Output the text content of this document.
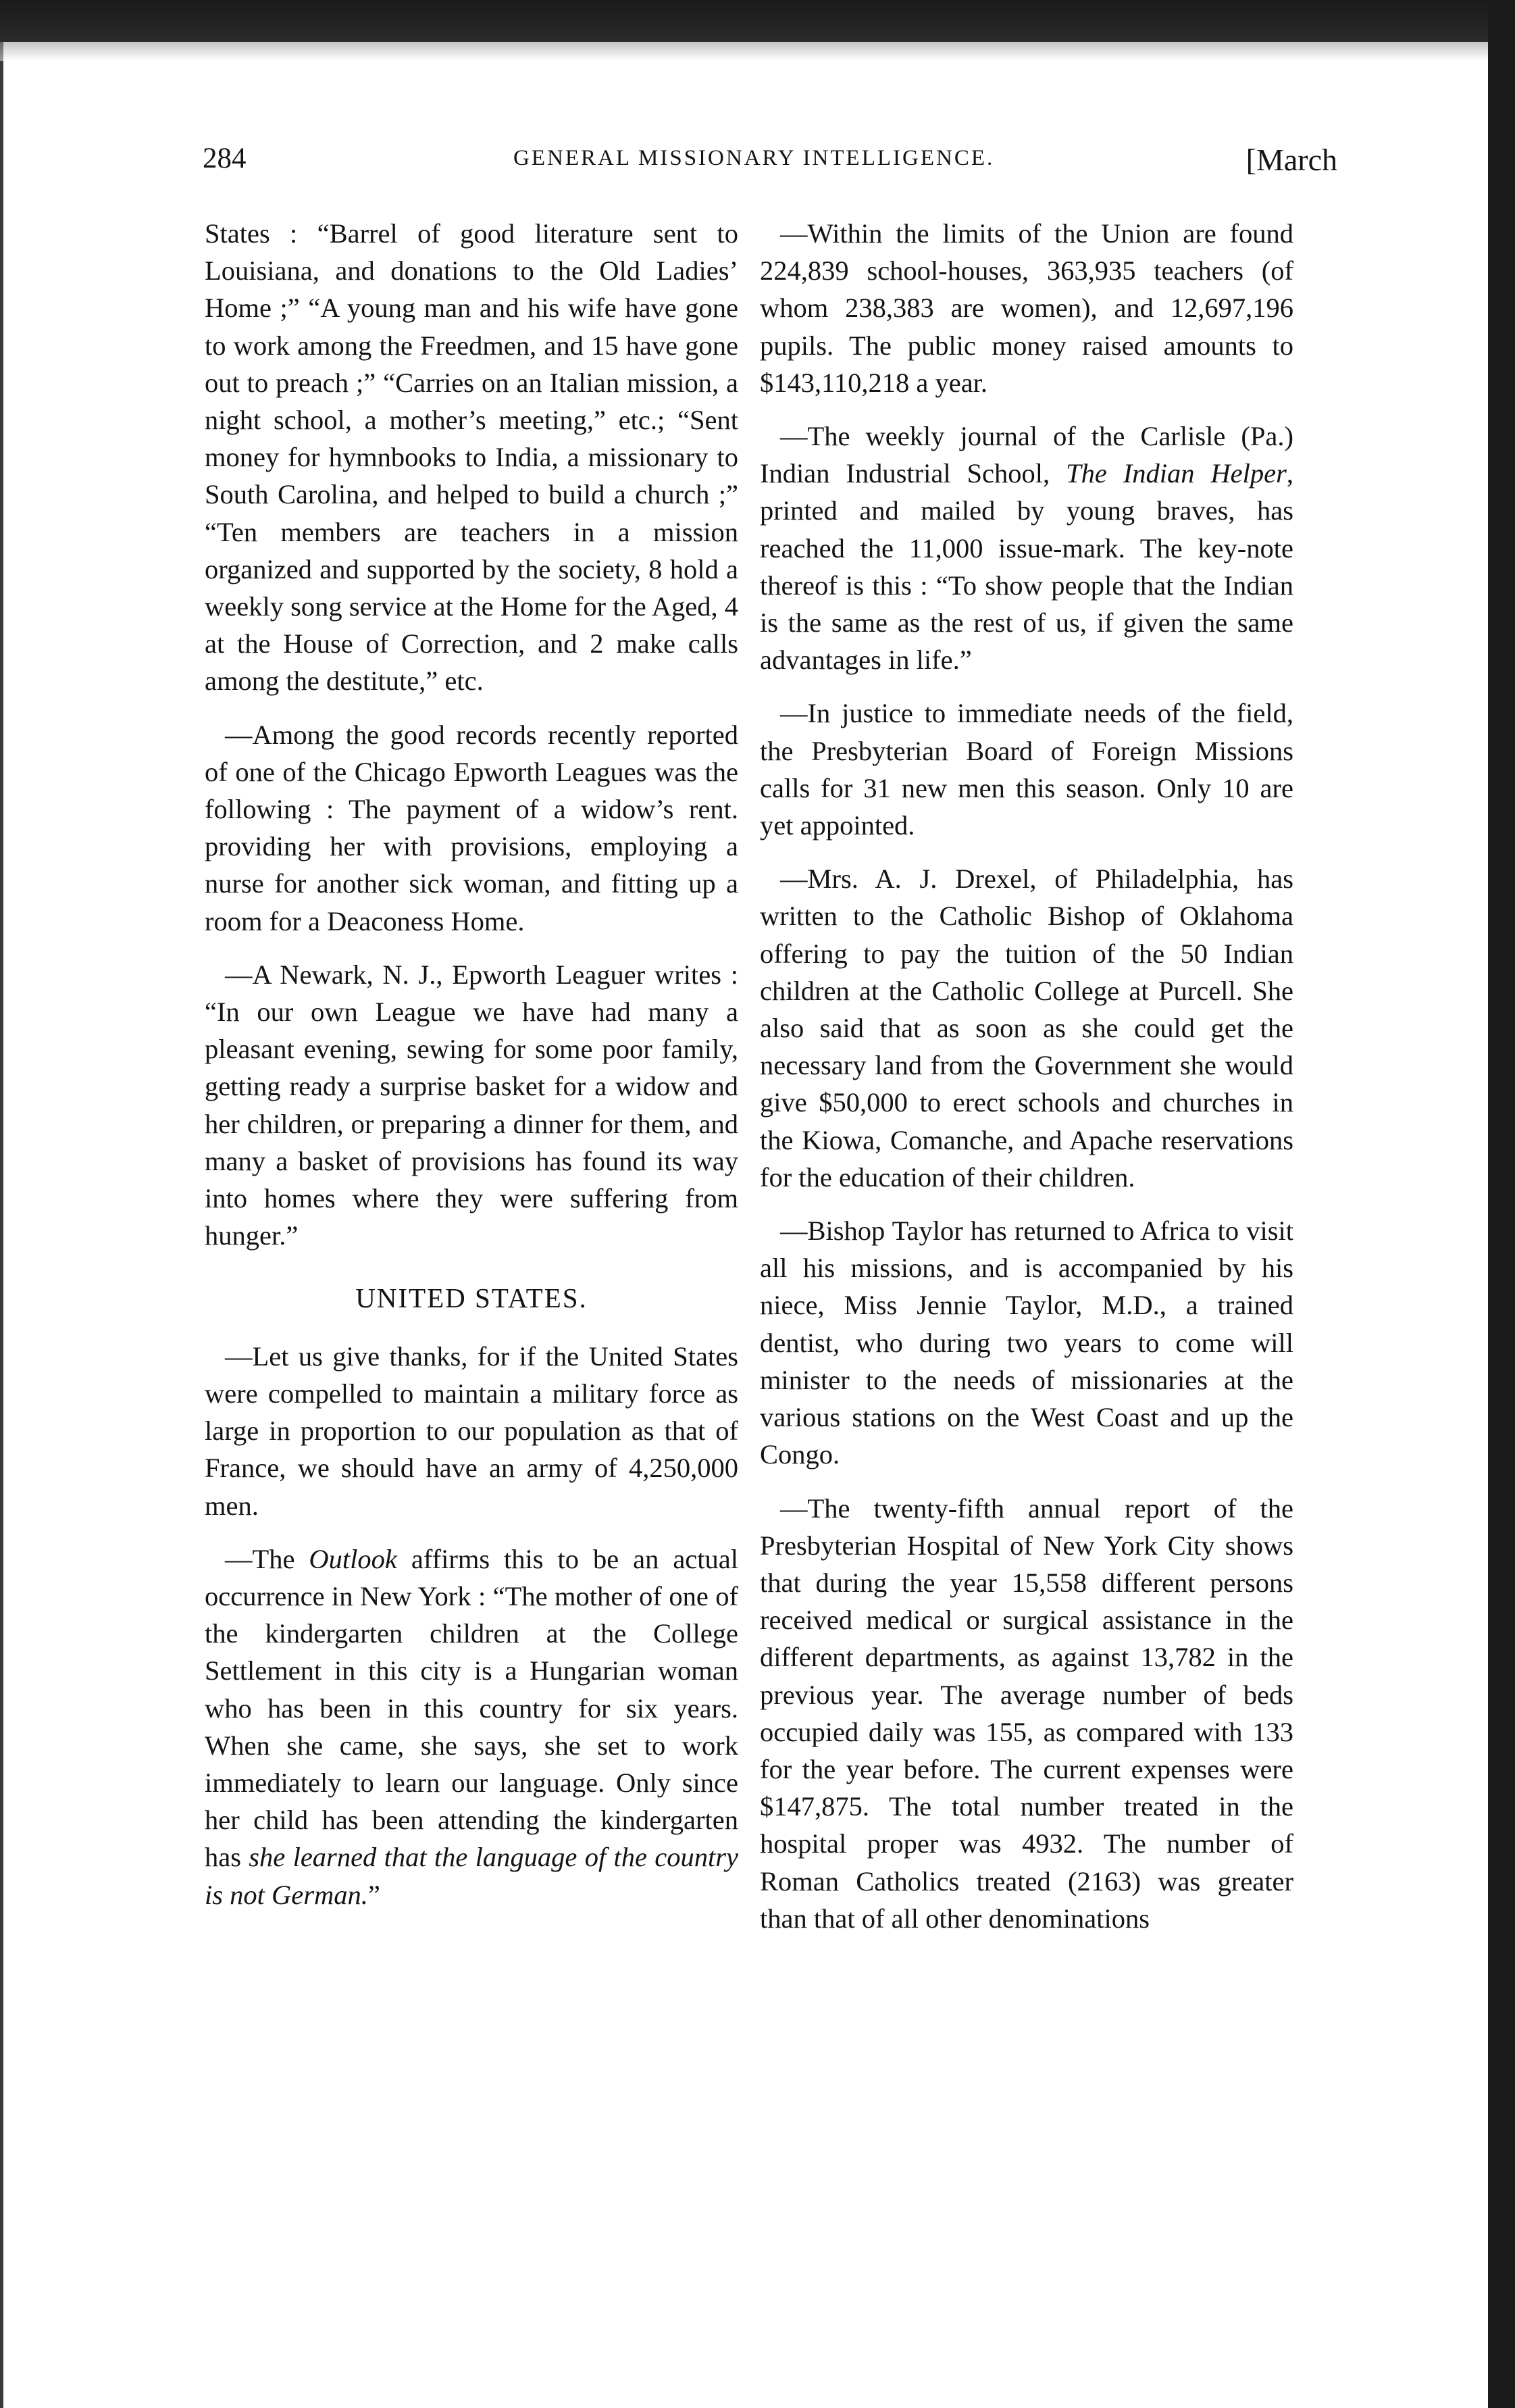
284	GENERAL MISSIONARY INTELLIGENCE.	[March

States : “Barrel of good literature sent to Louisiana, and donations to the Old Ladies’ Home ;” “A young man and his wife have gone to work among the Freedmen, and 15 have gone out to preach ;” “Carries on an Italian mission, a night school, a mother’s meeting,” etc.; “Sent money for hymnbooks to India, a missionary to South Carolina, and helped to build a church ;” “Ten members are teachers in a mission organized and supported by the society, 8 hold a weekly song service at the Home for the Aged, 4 at the House of Correction, and 2 make calls among the destitute,” etc.

—Among the good records recently reported of one of the Chicago Epworth Leagues was the following : The payment of a widow’s rent. providing her with provisions, employing a nurse for another sick woman, and fitting up a room for a Deaconess Home.

—A Newark, N. J., Epworth Leaguer writes : “In our own League we have had many a pleasant evening, sewing for some poor family, getting ready a surprise basket for a widow and her children, or preparing a dinner for them, and many a basket of provisions has found its way into homes where they were suffering from hunger.”

UNITED STATES.

—Let us give thanks, for if the United States were compelled to maintain a military force as large in proportion to our population as that of France, we should have an army of 4,250,000 men.

—The Outlook affirms this to be an actual occurrence in New York : “The mother of one of the kindergarten children at the College Settlement in this city is a Hungarian woman who has been in this country for six years. When she came, she says, she set to work immediately to learn our language. Only since her child has been attending the kindergarten has she learned that the language of the country is not German.”

—Within the limits of the Union are found 224,839 school-houses, 363,935 teachers (of whom 238,383 are women), and 12,697,196 pupils. The public money raised amounts to $143,110,218 a year.

—The weekly journal of the Carlisle (Pa.) Indian Industrial School, The Indian Helper, printed and mailed by young braves, has reached the 11,000 issue-mark. The key-note thereof is this : “To show people that the Indian is the same as the rest of us, if given the same advantages in life.”

—In justice to immediate needs of the field, the Presbyterian Board of Foreign Missions calls for 31 new men this season. Only 10 are yet appointed.

—Mrs. A. J. Drexel, of Philadelphia, has written to the Catholic Bishop of Oklahoma offering to pay the tuition of the 50 Indian children at the Catholic College at Purcell. She also said that as soon as she could get the necessary land from the Government she would give $50,000 to erect schools and churches in the Kiowa, Comanche, and Apache reservations for the education of their children.

—Bishop Taylor has returned to Africa to visit all his missions, and is accompanied by his niece, Miss Jennie Taylor, M.D., a trained dentist, who during two years to come will minister to the needs of missionaries at the various stations on the West Coast and up the Congo.

—The twenty-fifth annual report of the Presbyterian Hospital of New York City shows that during the year 15,558 different persons received medical or surgical assistance in the different departments, as against 13,782 in the previous year. The average number of beds occupied daily was 155, as compared with 133 for the year before. The current expenses were $147,875. The total number treated in the hospital proper was 4932. The number of Roman Catholics treated (2163) was greater than that of all other denominations
